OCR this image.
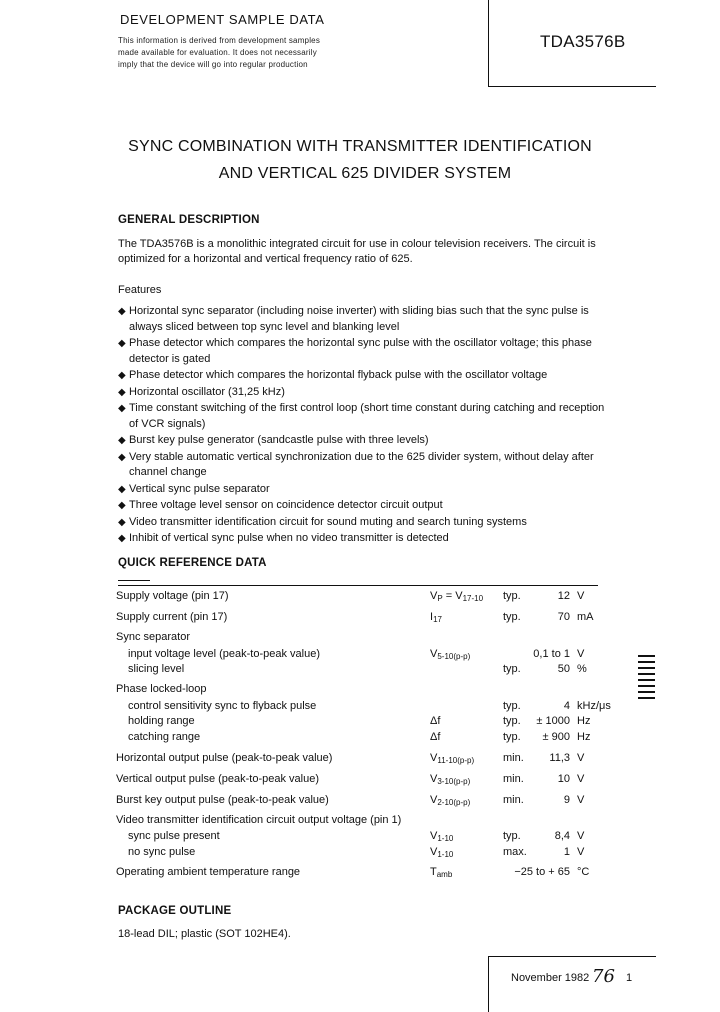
DEVELOPMENT SAMPLE DATA
This information is derived from development samples
made available for evaluation. It does not necessarily
imply that the device will go into regular production
TDA3576B
SYNC COMBINATION WITH TRANSMITTER IDENTIFICATION
AND VERTICAL 625 DIVIDER SYSTEM
GENERAL DESCRIPTION
The TDA3576B is a monolithic integrated circuit for use in colour television receivers. The circuit is
optimized for a horizontal and vertical frequency ratio of 625.
Features
◆ Horizontal sync separator (including noise inverter) with sliding bias such that the sync pulse is always sliced between top sync level and blanking level
◆ Phase detector which compares the horizontal sync pulse with the oscillator voltage; this phase detector is gated
◆ Phase detector which compares the horizontal flyback pulse with the oscillator voltage
◆ Horizontal oscillator (31,25 kHz)
◆ Time constant switching of the first control loop (short time constant during catching and reception of VCR signals)
◆ Burst key pulse generator (sandcastle pulse with three levels)
◆ Very stable automatic vertical synchronization due to the 625 divider system, without delay after channel change
◆ Vertical sync pulse separator
◆ Three voltage level sensor on coincidence detector circuit output
◆ Video transmitter identification circuit for sound muting and search tuning systems
◆ Inhibit of vertical sync pulse when no video transmitter is detected
QUICK REFERENCE DATA
Supply voltage (pin 17)	$V_P = V_{17-10}$ typ.	12 V
Supply current (pin 17)	$I_{17}$	typ.	70 mA
Sync separator
input voltage level (peak-to-peak value)	$V_{5-10(p-p)}$	0,1 to 1 V
slicing level	typ.	50 %
Phase locked-loop
control sensitivity sync to flyback pulse	typ.	4 kHz/μs
holding range	Δf	typ.	± 1000 Hz
catching range	Δf	typ.	± 900 Hz
Horizontal output pulse (peak-to-peak value)	$V_{11-10(p-p)}$	min.	11,3 V
Vertical output pulse (peak-to-peak value)	$V_{3-10(p-p)}$	min.	10 V
Burst key output pulse (peak-to-peak value)	$V_{2-10(p-p)}$	min.	9 V
Video transmitter identification circuit output voltage (pin 1)
sync pulse present	$V_{1-10}$	typ.	8,4 V
no sync pulse	$V_{1-10}$	max.	1 V
Operating ambient temperature range	$T_{amb}$	−25 to + 65 °C
PACKAGE OUTLINE
18-lead DIL; plastic (SOT 102HE4).
November 1982 76 1
